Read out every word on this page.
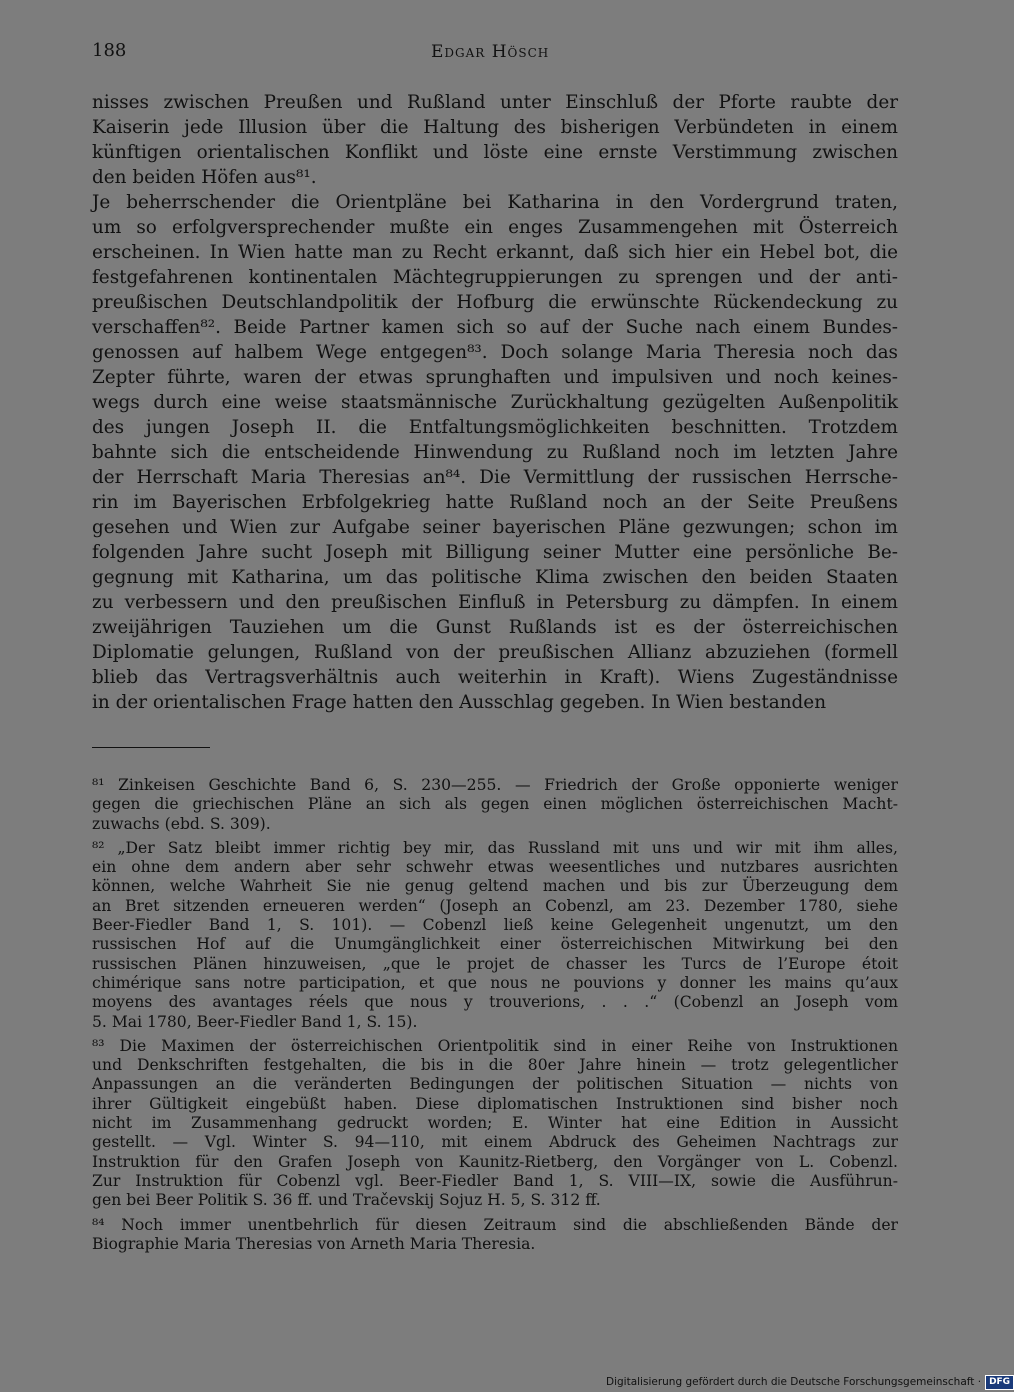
188	Edgar Hösch
nisses zwischen Preußen und Rußland unter Einschluß der Pforte raubte der
Kaiserin jede Illusion über die Haltung des bisherigen Verbündeten in einem
künftigen orientalischen Konflikt und löste eine ernste Verstimmung zwischen
den beiden Höfen aus⁸¹.
Je beherrschender die Orientpläne bei Katharina in den Vordergrund traten,
um so erfolgversprechender mußte ein enges Zusammengehen mit Österreich
erscheinen. In Wien hatte man zu Recht erkannt, daß sich hier ein Hebel bot, die
festgefahrenen kontinentalen Mächtegruppierungen zu sprengen und der anti-
preußischen Deutschlandpolitik der Hofburg die erwünschte Rückendeckung zu
verschaffen⁸². Beide Partner kamen sich so auf der Suche nach einem Bundes-
genossen auf halbem Wege entgegen⁸³. Doch solange Maria Theresia noch das
Zepter führte, waren der etwas sprunghaften und impulsiven und noch keines-
wegs durch eine weise staatsmännische Zurückhaltung gezügelten Außenpolitik
des jungen Joseph II. die Entfaltungsmöglichkeiten beschnitten. Trotzdem
bahnte sich die entscheidende Hinwendung zu Rußland noch im letzten Jahre
der Herrschaft Maria Theresias an⁸⁴. Die Vermittlung der russischen Herrsche-
rin im Bayerischen Erbfolgekrieg hatte Rußland noch an der Seite Preußens
gesehen und Wien zur Aufgabe seiner bayerischen Pläne gezwungen; schon im
folgenden Jahre sucht Joseph mit Billigung seiner Mutter eine persönliche Be-
gegnung mit Katharina, um das politische Klima zwischen den beiden Staaten
zu verbessern und den preußischen Einfluß in Petersburg zu dämpfen. In einem
zweijährigen Tauziehen um die Gunst Rußlands ist es der österreichischen
Diplomatie gelungen, Rußland von der preußischen Allianz abzuziehen (formell
blieb das Vertragsverhältnis auch weiterhin in Kraft). Wiens Zugeständnisse
in der orientalischen Frage hatten den Ausschlag gegeben. In Wien bestanden
⁸¹ Zinkeisen Geschichte Band 6, S. 230—255. — Friedrich der Große opponierte weniger
gegen die griechischen Pläne an sich als gegen einen möglichen österreichischen Macht-
zuwachs (ebd. S. 309).
⁸² „Der Satz bleibt immer richtig bey mir, das Russland mit uns und wir mit ihm alles,
ein ohne dem andern aber sehr schwehr etwas weesentliches und nutzbares ausrichten
können, welche Wahrheit Sie nie genug geltend machen und bis zur Überzeugung dem
an Bret sitzenden erneueren werden“ (Joseph an Cobenzl, am 23. Dezember 1780, siehe
Beer-Fiedler Band 1, S. 101). — Cobenzl ließ keine Gelegenheit ungenutzt, um den
russischen Hof auf die Unumgänglichkeit einer österreichischen Mitwirkung bei den
russischen Plänen hinzuweisen, „que le projet de chasser les Turcs de l’Europe étoit
chimérique sans notre participation, et que nous ne pouvions y donner les mains qu’aux
moyens des avantages réels que nous y trouverions, . . .“ (Cobenzl an Joseph vom
5. Mai 1780, Beer-Fiedler Band 1, S. 15).
⁸³ Die Maximen der österreichischen Orientpolitik sind in einer Reihe von Instruktionen
und Denkschriften festgehalten, die bis in die 80er Jahre hinein — trotz gelegentlicher
Anpassungen an die veränderten Bedingungen der politischen Situation — nichts von
ihrer Gültigkeit eingebüßt haben. Diese diplomatischen Instruktionen sind bisher noch
nicht im Zusammenhang gedruckt worden; E. Winter hat eine Edition in Aussicht
gestellt. — Vgl. Winter S. 94—110, mit einem Abdruck des Geheimen Nachtrags zur
Instruktion für den Grafen Joseph von Kaunitz-Rietberg, den Vorgänger von L. Cobenzl.
Zur Instruktion für Cobenzl vgl. Beer-Fiedler Band 1, S. VIII—IX, sowie die Ausführun-
gen bei Beer Politik S. 36 ff. und Tračevskij Sojuz H. 5, S. 312 ff.
⁸⁴ Noch immer unentbehrlich für diesen Zeitraum sind die abschließenden Bände der
Biographie Maria Theresias von Arneth Maria Theresia.
Digitalisierung gefördert durch die Deutsche Forschungsgemeinschaft · DFG
